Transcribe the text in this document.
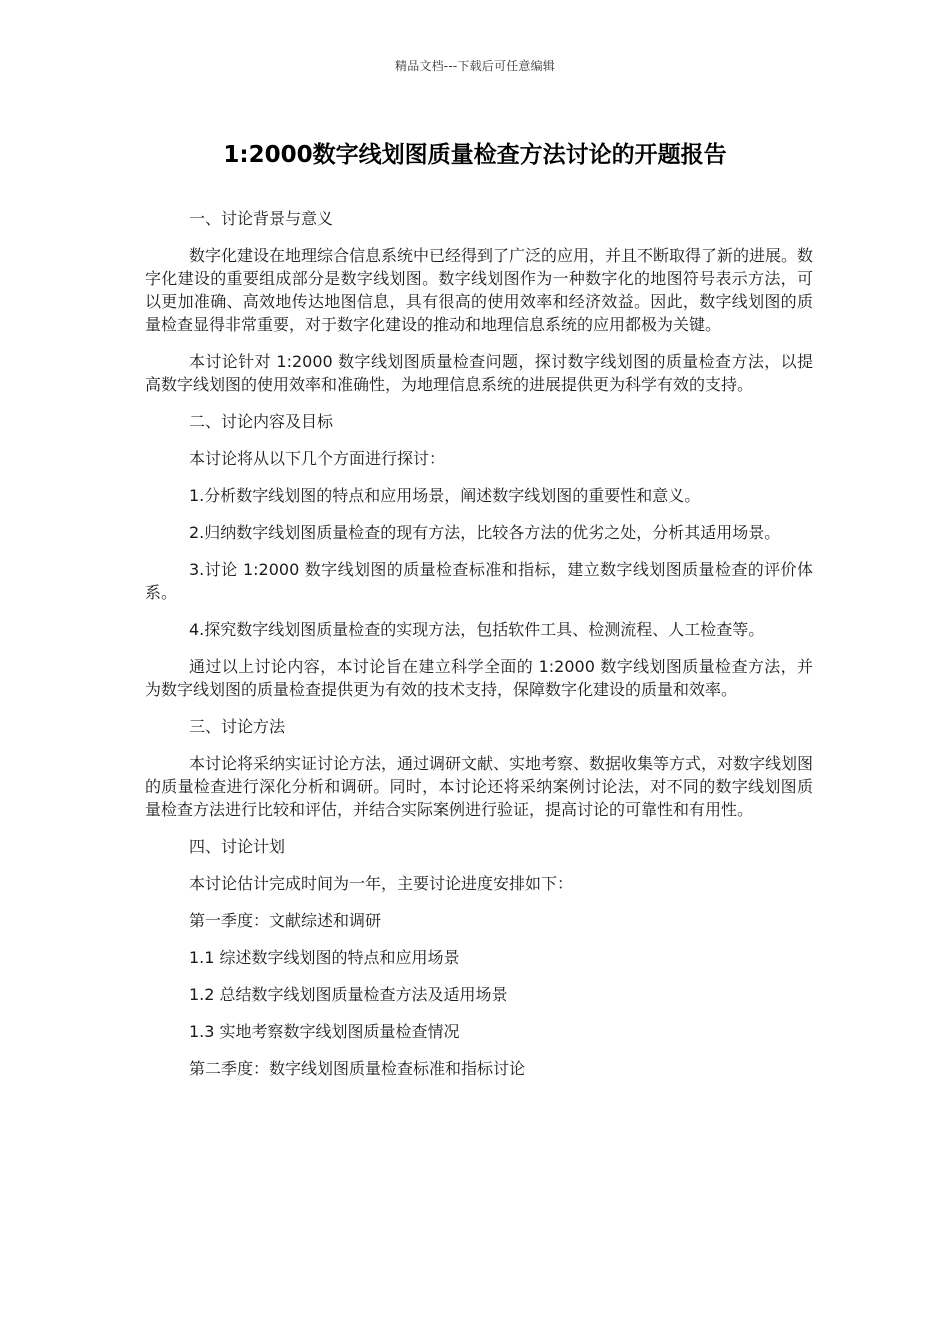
精品文档---下载后可任意编辑
1:2000数字线划图质量检查方法讨论的开题报告

一、讨论背景与意义

数字化建设在地理综合信息系统中已经得到了广泛的应用，并且不断取得了新的进展。数字化建设的重要组成部分是数字线划图。数字线划图作为一种数字化的地图符号表示方法，可以更加准确、高效地传达地图信息，具有很高的使用效率和经济效益。因此，数字线划图的质量检查显得非常重要，对于数字化建设的推动和地理信息系统的应用都极为关键。

本讨论针对 1:2000 数字线划图质量检查问题，探讨数字线划图的质量检查方法，以提高数字线划图的使用效率和准确性，为地理信息系统的进展提供更为科学有效的支持。

二、讨论内容及目标

本讨论将从以下几个方面进行探讨：

1.分析数字线划图的特点和应用场景，阐述数字线划图的重要性和意义。

2.归纳数字线划图质量检查的现有方法，比较各方法的优劣之处，分析其适用场景。

3.讨论 1:2000 数字线划图的质量检查标准和指标，建立数字线划图质量检查的评价体系。

4.探究数字线划图质量检查的实现方法，包括软件工具、检测流程、人工检查等。

通过以上讨论内容，本讨论旨在建立科学全面的 1:2000 数字线划图质量检查方法，并为数字线划图的质量检查提供更为有效的技术支持，保障数字化建设的质量和效率。

三、讨论方法

本讨论将采纳实证讨论方法，通过调研文献、实地考察、数据收集等方式，对数字线划图的质量检查进行深化分析和调研。同时，本讨论还将采纳案例讨论法，对不同的数字线划图质量检查方法进行比较和评估，并结合实际案例进行验证，提高讨论的可靠性和有用性。

四、讨论计划

本讨论估计完成时间为一年，主要讨论进度安排如下：

第一季度：文献综述和调研

1.1 综述数字线划图的特点和应用场景

1.2 总结数字线划图质量检查方法及适用场景

1.3 实地考察数字线划图质量检查情况

第二季度：数字线划图质量检查标准和指标讨论
